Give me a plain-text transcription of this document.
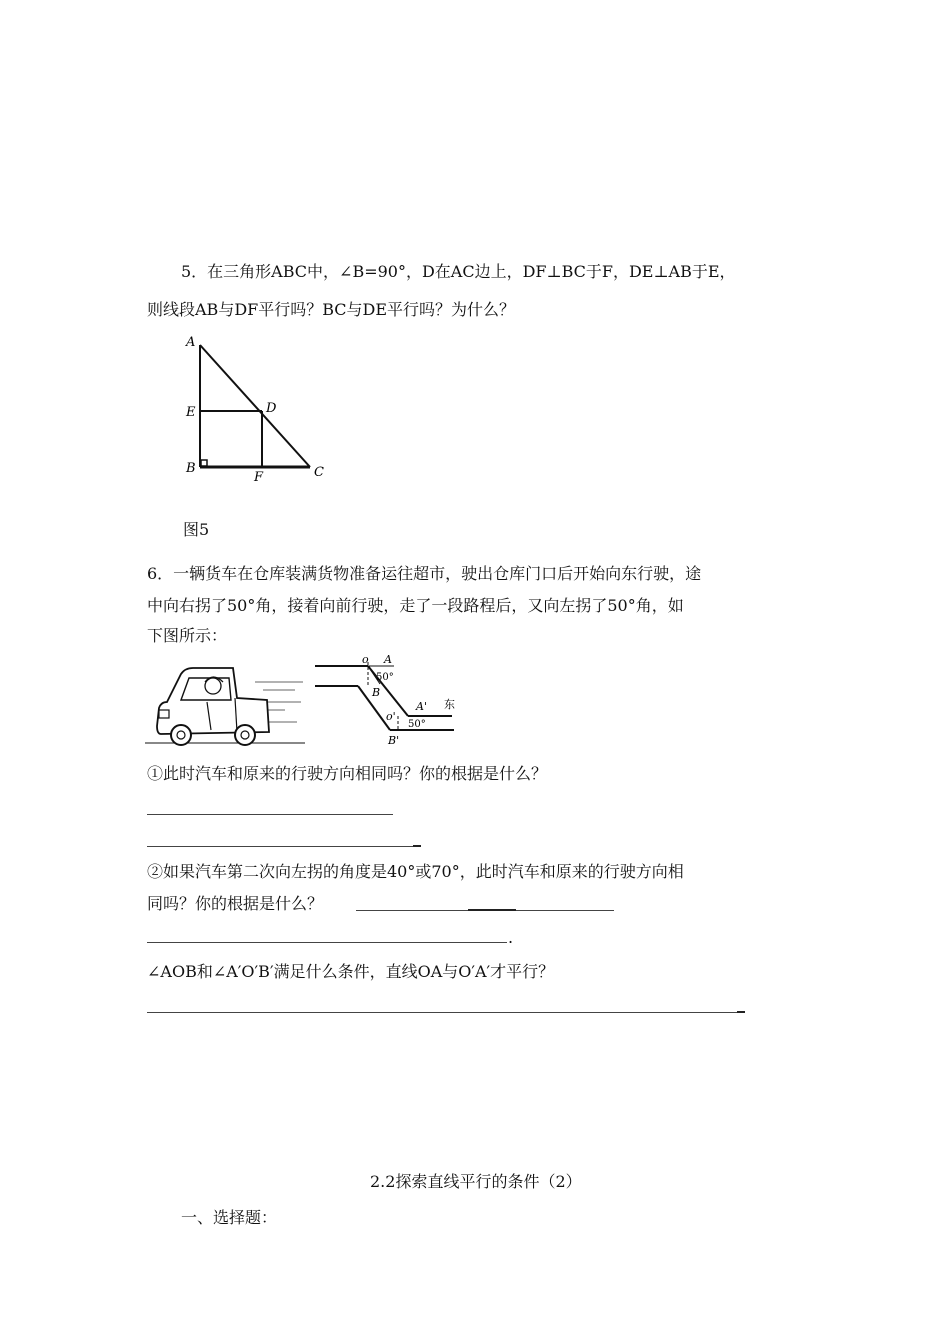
5．在三角形ABC中，∠B=90°，D在AC边上，DF⊥BC于F，DE⊥AB于E，
则线段AB与DF平行吗？BC与DE平行吗？为什么？
A
E	D
B
F	C
图5
6．一辆货车在仓库装满货物准备运往超市，驶出仓库门口后开始向东行驶，途
中向右拐了50°角，接着向前行驶，走了一段路程后，又向左拐了50°角，如
下图所示：
o A
50°
B
o'
A'
50°
B'
东
①此时汽车和原来的行驶方向相同吗？你的根据是什么？
②如果汽车第二次向左拐的角度是40°或70°，此时汽车和原来的行驶方向相
同吗？你的根据是什么？
.
∠AOB和∠A′O′B′满足什么条件，直线OA与O′A′才平行？
2.2探索直线平行的条件（2）
一、选择题：
